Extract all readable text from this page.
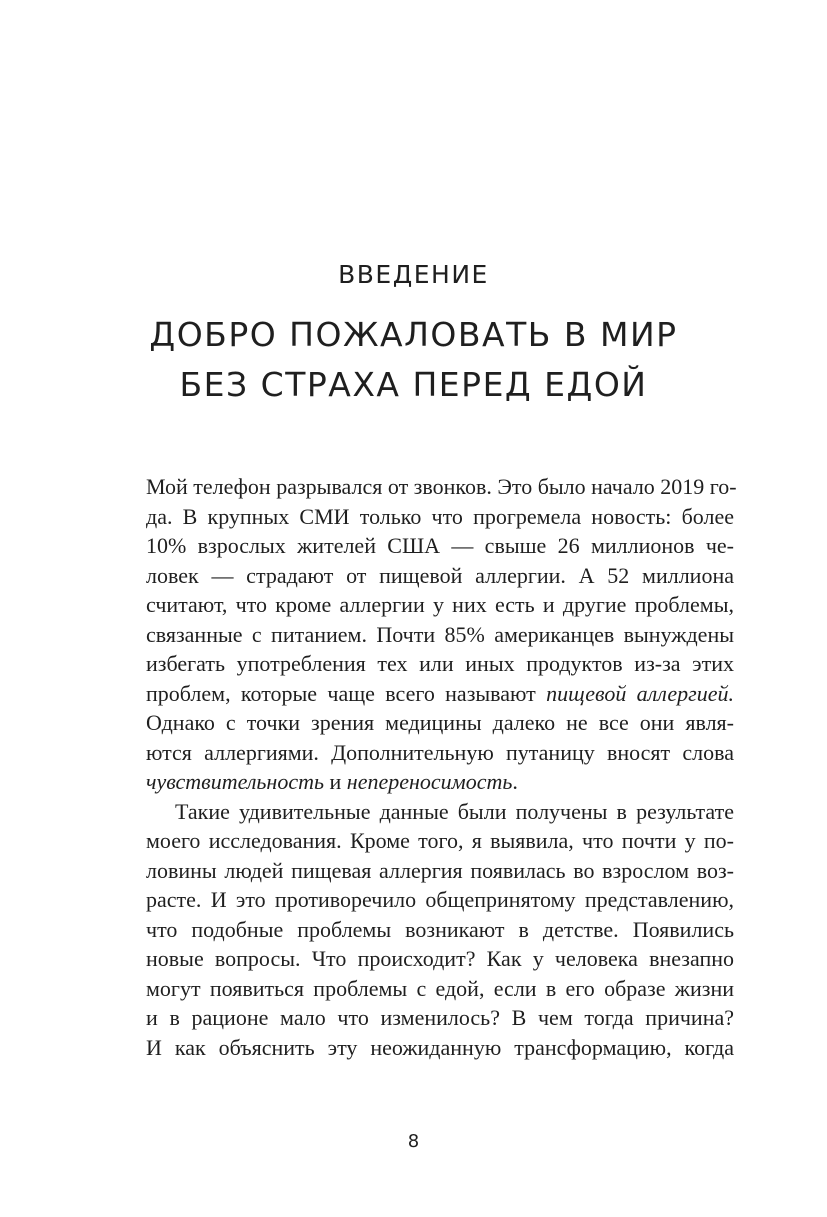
ВВЕДЕНИЕ
ДОБРО ПОЖАЛОВАТЬ В МИР
БЕЗ СТРАХА ПЕРЕД ЕДОЙ
Мой телефон разрывался от звонков. Это было начало 2019 го-
да. В крупных СМИ только что прогремела новость: более
10% взрослых жителей США — свыше 26 миллионов че-
ловек — страдают от пищевой аллергии. А 52 миллиона
считают, что кроме аллергии у них есть и другие проблемы,
связанные с питанием. Почти 85% американцев вынуждены
избегать употребления тех или иных продуктов из-за этих
проблем, которые чаще всего называют пищевой аллергией.
Однако с точки зрения медицины далеко не все они явля-
ются аллергиями. Дополнительную путаницу вносят слова
чувствительность и непереносимость.
Такие удивительные данные были получены в результате
моего исследования. Кроме того, я выявила, что почти у по-
ловины людей пищевая аллергия появилась во взрослом воз-
расте. И это противоречило общепринятому представлению,
что подобные проблемы возникают в детстве. Появились
новые вопросы. Что происходит? Как у человека внезапно
могут появиться проблемы с едой, если в его образе жизни
и в рационе мало что изменилось? В чем тогда причина?
И как объяснить эту неожиданную трансформацию, когда
8
